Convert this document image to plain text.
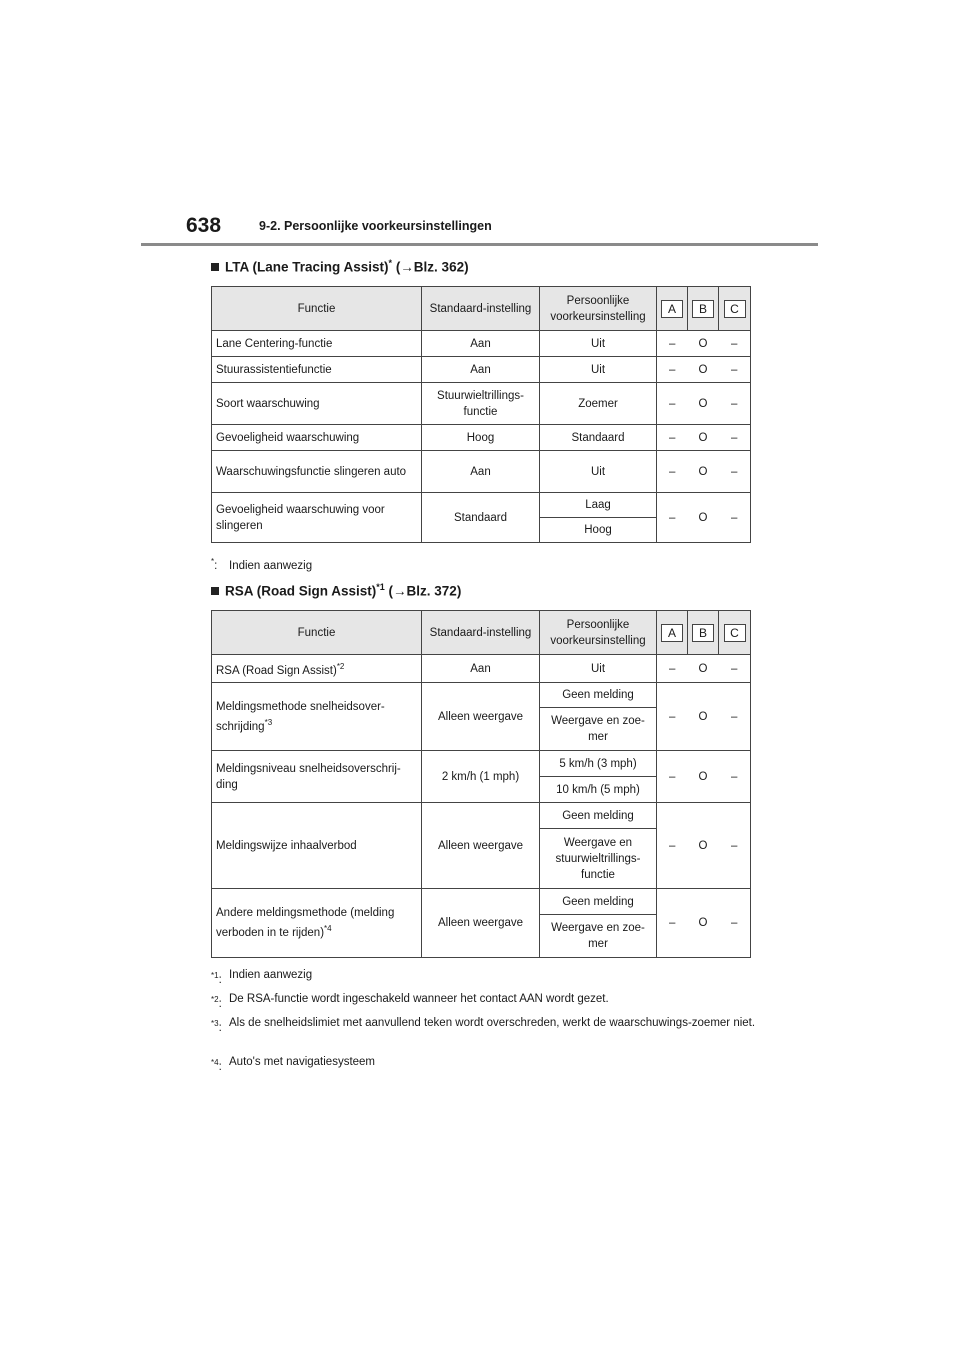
638	9-2. Persoonlijke voorkeursinstellingen
LTA (Lane Tracing Assist)* (→Blz. 362)
Functie	Standaard-instelling	Persoonlijke voorkeursinstelling	A	B	C
Lane Centering-functie	Aan	Uit	–	O	–
Stuurassistentiefunctie	Aan	Uit	–	O	–
Soort waarschuwing	Stuurwieltrillings-functie	Zoemer	–	O	–
Gevoeligheid waarschuwing	Hoog	Standaard	–	O	–
Waarschuwingsfunctie slingeren auto	Aan	Uit	–	O	–
Gevoeligheid waarschuwing voor slingeren	Standaard	Laag	–	O	–
		Hoog			
*: Indien aanwezig
RSA (Road Sign Assist)$^{*1}$ (→Blz. 372)
Functie	Standaard-instelling	Persoonlijke voorkeursinstelling	A	B	C
RSA (Road Sign Assist)$^{*2}$	Aan	Uit	–	O	–
Meldingsmethode snelheidsover-schrijding$^{*3}$	Alleen weergave	Geen melding	–	O	–
		Weergave en zoe-mer			
Meldingsniveau snelheidsoverschrij-ding	2 km/h (1 mph)	5 km/h (3 mph)	–	O	–
		10 km/h (5 mph)			
Meldingswijze inhaalverbod	Alleen weergave	Geen melding	–	O	–
		Weergave en stuurwieltrillings-functie			
Andere meldingsmethode (melding verboden in te rijden)$^{*4}$	Alleen weergave	Geen melding	–	O	–
		Weergave en zoe-mer			
$^{*1}$: Indien aanwezig
$^{*2}$: De RSA-functie wordt ingeschakeld wanneer het contact AAN wordt gezet.
$^{*3}$: Als de snelheidslimiet met aanvullend teken wordt overschreden, werkt de waarschuwings-zoemer niet.
$^{*4}$: Auto's met navigatiesysteem
